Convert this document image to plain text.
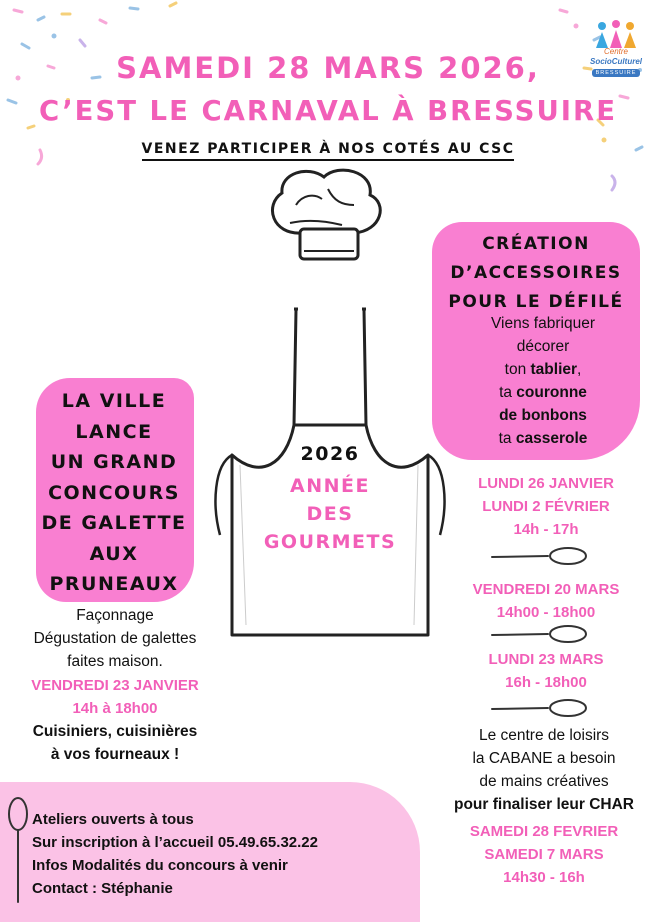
Centre
SocioCulturel
BRESSUIRE
SAMEDI 28 MARS 2026,
C’EST LE CARNAVAL À BRESSUIRE
VENEZ PARTICIPER À NOS COTÉS AU CSC
2026
ANNÉE
DES
GOURMETS
CRÉATION
D’ACCESSOIRES
POUR LE DÉFILÉ
Viens fabriquer
décorer
ton tablier,
ta couronne
de bonbons
ta casserole
LUNDI 26 JANVIER
LUNDI 2 FÉVRIER
14h - 17h
VENDREDI 20 MARS
14h00 - 18h00
LUNDI 23 MARS
16h - 18h00
Le centre de loisirs
la CABANE a besoin
de mains créatives
pour finaliser leur CHAR
SAMEDI 28 FEVRIER
SAMEDI 7 MARS
14h30 - 16h
LA VILLE
LANCE
UN GRAND
CONCOURS
DE GALETTE
AUX
PRUNEAUX
Façonnage
Dégustation de galettes
faites maison.
VENDREDI 23 JANVIER
14h à 18h00
Cuisiniers, cuisinières
à vos fourneaux !
Ateliers ouverts à tous
Sur inscription à l’accueil 05.49.65.32.22
Infos Modalités du concours à venir
Contact : Stéphanie
